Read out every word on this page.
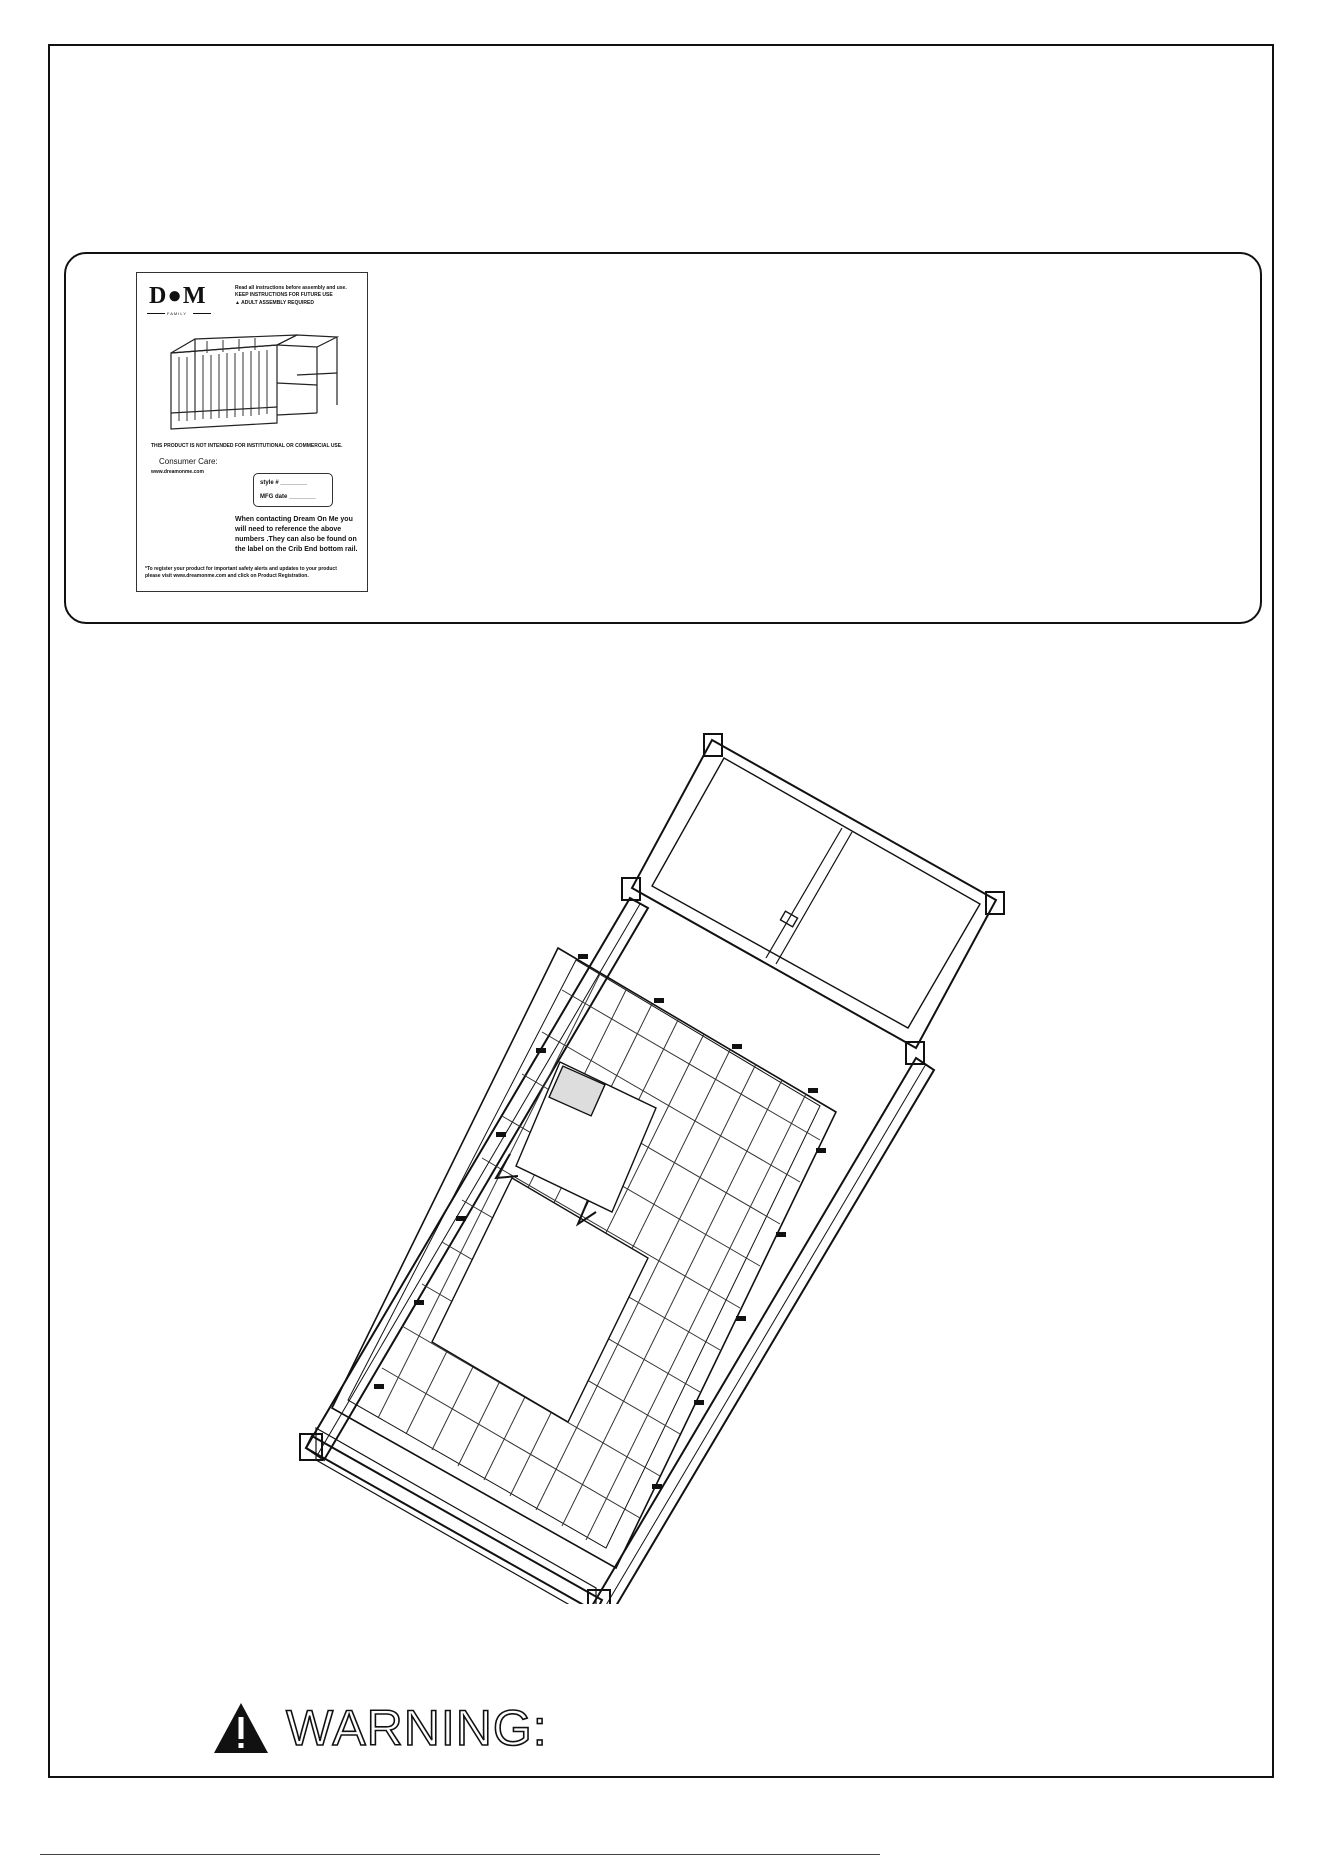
D●M
FAMILY
Read all instructions before assembly and use.
KEEP INSTRUCTIONS FOR FUTURE USE
▲ ADULT ASSEMBLY REQUIRED
THIS PRODUCT IS NOT INTENDED FOR INSTITUTIONAL OR COMMERCIAL USE.
Consumer Care:
www.dreamonme.com
style # ________
MFG date ________
When contacting Dream On Me you
will need to reference the above
numbers .They can also be found on
the label on the Crib End bottom rail.
*To register your product for important safety alerts and updates to your product
please visit www.dreamonme.com and click on Product Registration.
WARNING:
